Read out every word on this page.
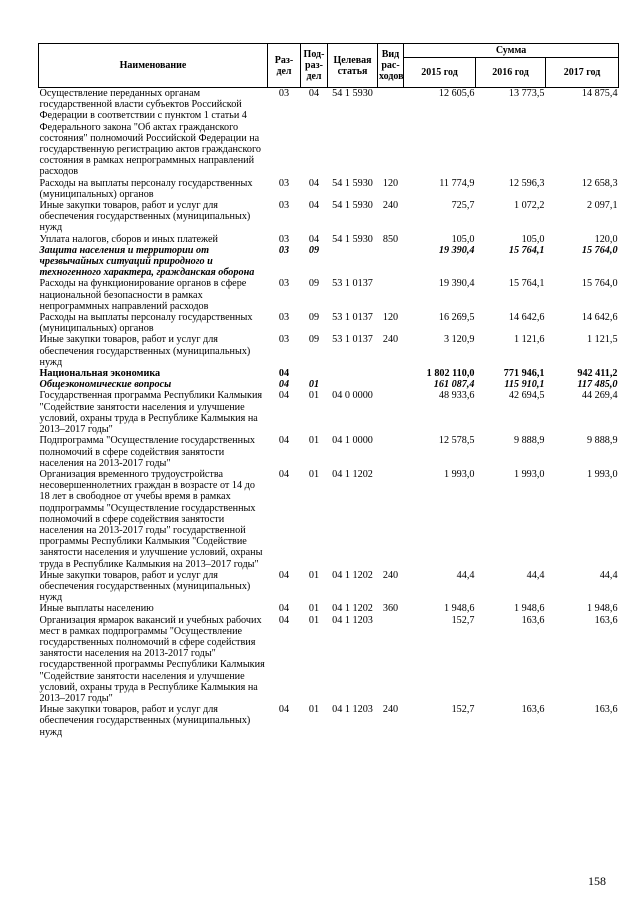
Наименование	Раз-дел	Под-раз-дел	Целевая статья	Вид рас-ходов	Сумма		
					2015 год	2016 год	2017 год
Осуществление переданных органам государственной власти субъектов Российской Федерации в соответствии с пунктом 1 статьи 4 Федерального закона "Об актах гражданского состояния" полномочий Российской Федерации на государственную регистрацию актов гражданского состояния в рамках непрограммных направлений расходов	03	04	54 1 5930		12 605,6	13 773,5	14 875,4
Расходы на выплаты персоналу государственных (муниципальных) органов	03	04	54 1 5930	120	11 774,9	12 596,3	12 658,3
Иные закупки товаров, работ и услуг для обеспечения государственных (муниципальных) нужд	03	04	54 1 5930	240	725,7	1 072,2	2 097,1
Уплата налогов, сборов и иных платежей	03	04	54 1 5930	850	105,0	105,0	120,0
Защита населения и территории от чрезвычайных ситуаций природного и техногенного характера, гражданская оборона	03	09			19 390,4	15 764,1	15 764,0
Расходы на функционирование органов в сфере национальной безопасности в рамках непрограммных направлений расходов	03	09	53 1 0137		19 390,4	15 764,1	15 764,0
Расходы на выплаты персоналу государственных (муниципальных) органов	03	09	53 1 0137	120	16 269,5	14 642,6	14 642,6
Иные закупки товаров, работ и услуг для обеспечения государственных (муниципальных) нужд	03	09	53 1 0137	240	3 120,9	1 121,6	1 121,5
Национальная экономика	04				1 802 110,0	771 946,1	942 411,2
Общеэкономические вопросы	04	01			161 087,4	115 910,1	117 485,0
Государственная программа Республики Калмыкия "Содействие занятости населения и улучшение условий, охраны труда в Республике Калмыкия на 2013–2017 годы"	04	01	04 0 0000		48 933,6	42 694,5	44 269,4
Подпрограмма "Осуществление государственных полномочий в сфере содействия занятости населения на 2013-2017 годы"	04	01	04 1 0000		12 578,5	9 888,9	9 888,9
Организация временного трудоустройства несовершеннолетних граждан в возрасте от 14 до 18 лет в свободное от учебы время в рамках подпрограммы "Осуществление государственных полномочий в сфере содействия занятости населения на 2013-2017 годы" государственной программы Республики Калмыкия "Содействие занятости населения и улучшение условий, охраны труда в Республике Калмыкия на 2013–2017 годы"	04	01	04 1 1202		1 993,0	1 993,0	1 993,0
Иные закупки товаров, работ и услуг для обеспечения государственных (муниципальных) нужд	04	01	04 1 1202	240	44,4	44,4	44,4
Иные выплаты населению	04	01	04 1 1202	360	1 948,6	1 948,6	1 948,6
Организация ярмарок вакансий и учебных рабочих мест в рамках подпрограммы "Осуществление государственных полномочий в сфере содействия занятости населения на 2013-2017 годы" государственной программы Республики Калмыкия "Содействие занятости населения и улучшение условий, охраны труда в Республике Калмыкия на 2013–2017 годы"	04	01	04 1 1203		152,7	163,6	163,6
Иные закупки товаров, работ и услуг для обеспечения государственных (муниципальных) нужд	04	01	04 1 1203	240	152,7	163,6	163,6
158
